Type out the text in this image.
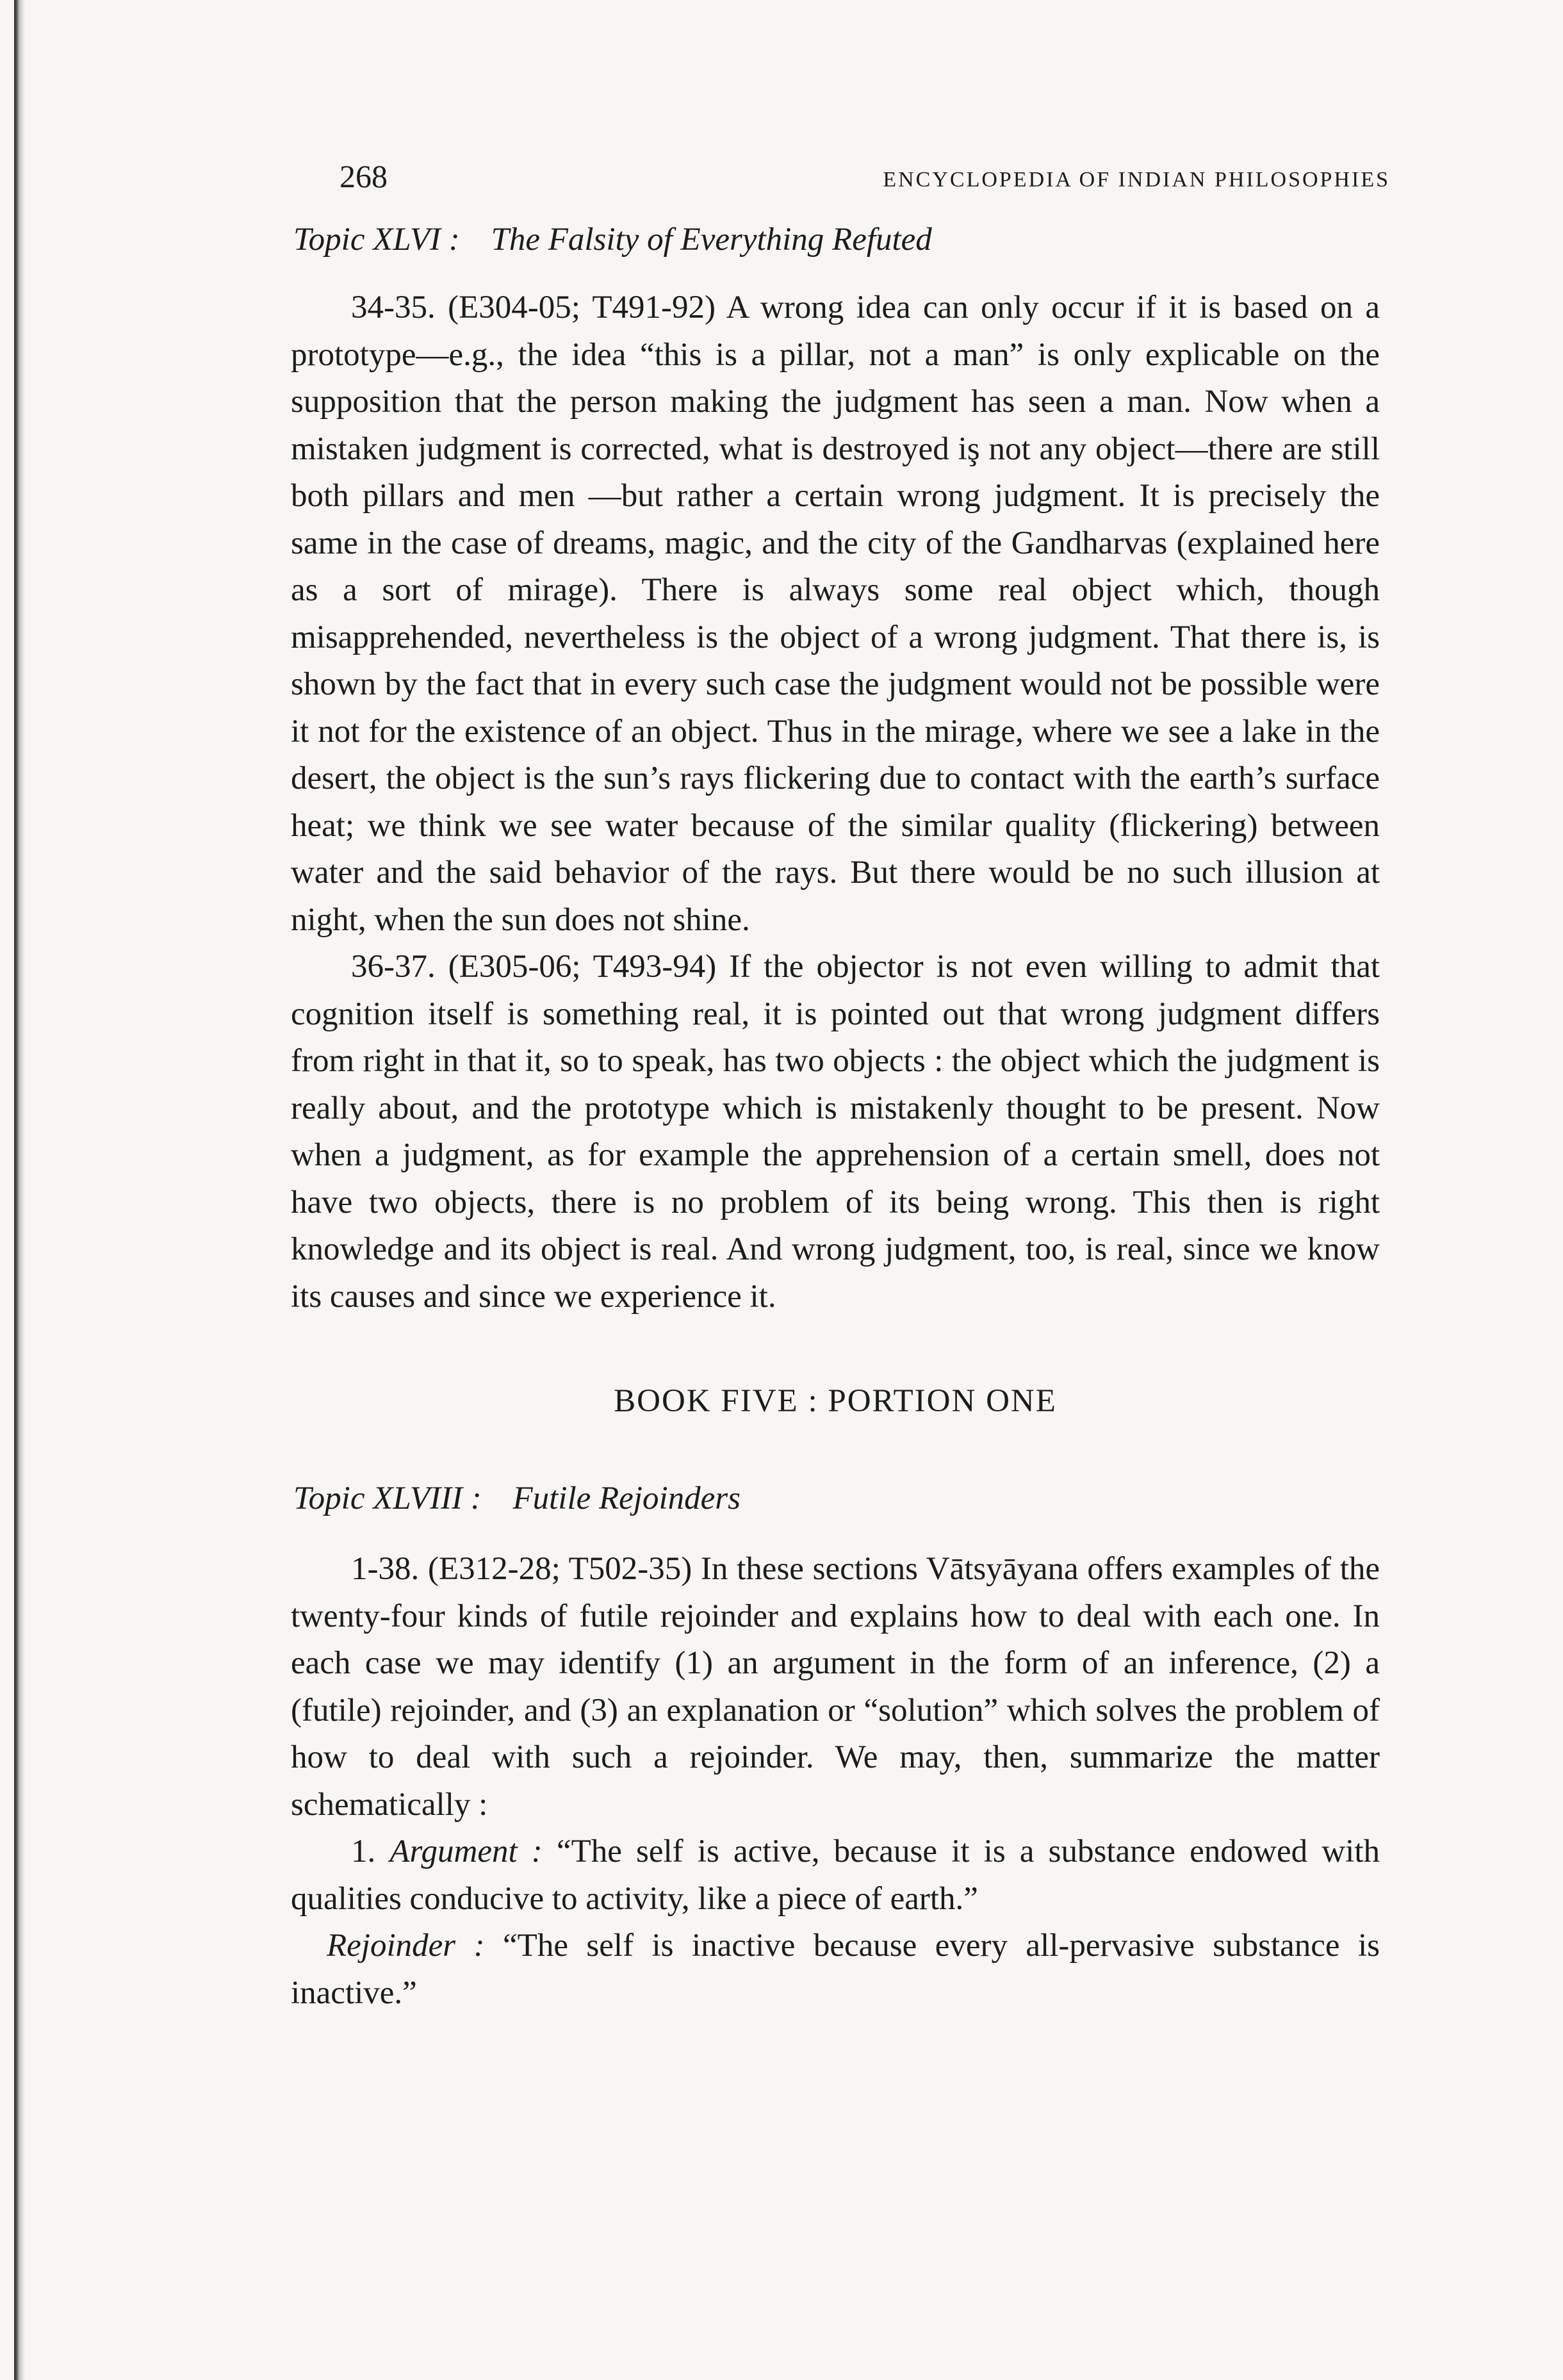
268	ENCYCLOPEDIA OF INDIAN PHILOSOPHIES
Topic XLVI : The Falsity of Everything Refuted

34-35. (E304-05; T491-92) A wrong idea can only occur if it is based on a prototype—e.g., the idea “this is a pillar, not a man” is only explicable on the supposition that the person making the judgment has seen a man. Now when a mistaken judgment is corrected, what is destroyed iş not any object—there are still both pillars and men —but rather a certain wrong judgment. It is precisely the same in the case of dreams, magic, and the city of the Gandharvas (explained here as a sort of mirage). There is always some real object which, though misapprehended, nevertheless is the object of a wrong judgment. That there is, is shown by the fact that in every such case the judgment would not be possible were it not for the existence of an object. Thus in the mirage, where we see a lake in the desert, the object is the sun’s rays flickering due to contact with the earth’s surface heat; we think we see water because of the similar quality (flickering) between water and the said behavior of the rays. But there would be no such illusion at night, when the sun does not shine.

36-37. (E305-06; T493-94) If the objector is not even willing to admit that cognition itself is something real, it is pointed out that wrong judgment differs from right in that it, so to speak, has two objects : the object which the judgment is really about, and the prototype which is mistakenly thought to be present. Now when a judgment, as for example the apprehension of a certain smell, does not have two objects, there is no problem of its being wrong. This then is right knowledge and its object is real. And wrong judgment, too, is real, since we know its causes and since we experience it.

BOOK FIVE : PORTION ONE
Topic XLVIII : Futile Rejoinders

1-38. (E312-28; T502-35) In these sections Vātsyāyana offers examples of the twenty-four kinds of futile rejoinder and explains how to deal with each one. In each case we may identify (1) an argument in the form of an inference, (2) a (futile) rejoinder, and (3) an explanation or “solution” which solves the problem of how to deal with such a rejoinder. We may, then, summarize the matter schematically :

1. Argument : “The self is active, because it is a substance endowed with qualities conducive to activity, like a piece of earth.”

Rejoinder : “The self is inactive because every all-pervasive substance is inactive.”
